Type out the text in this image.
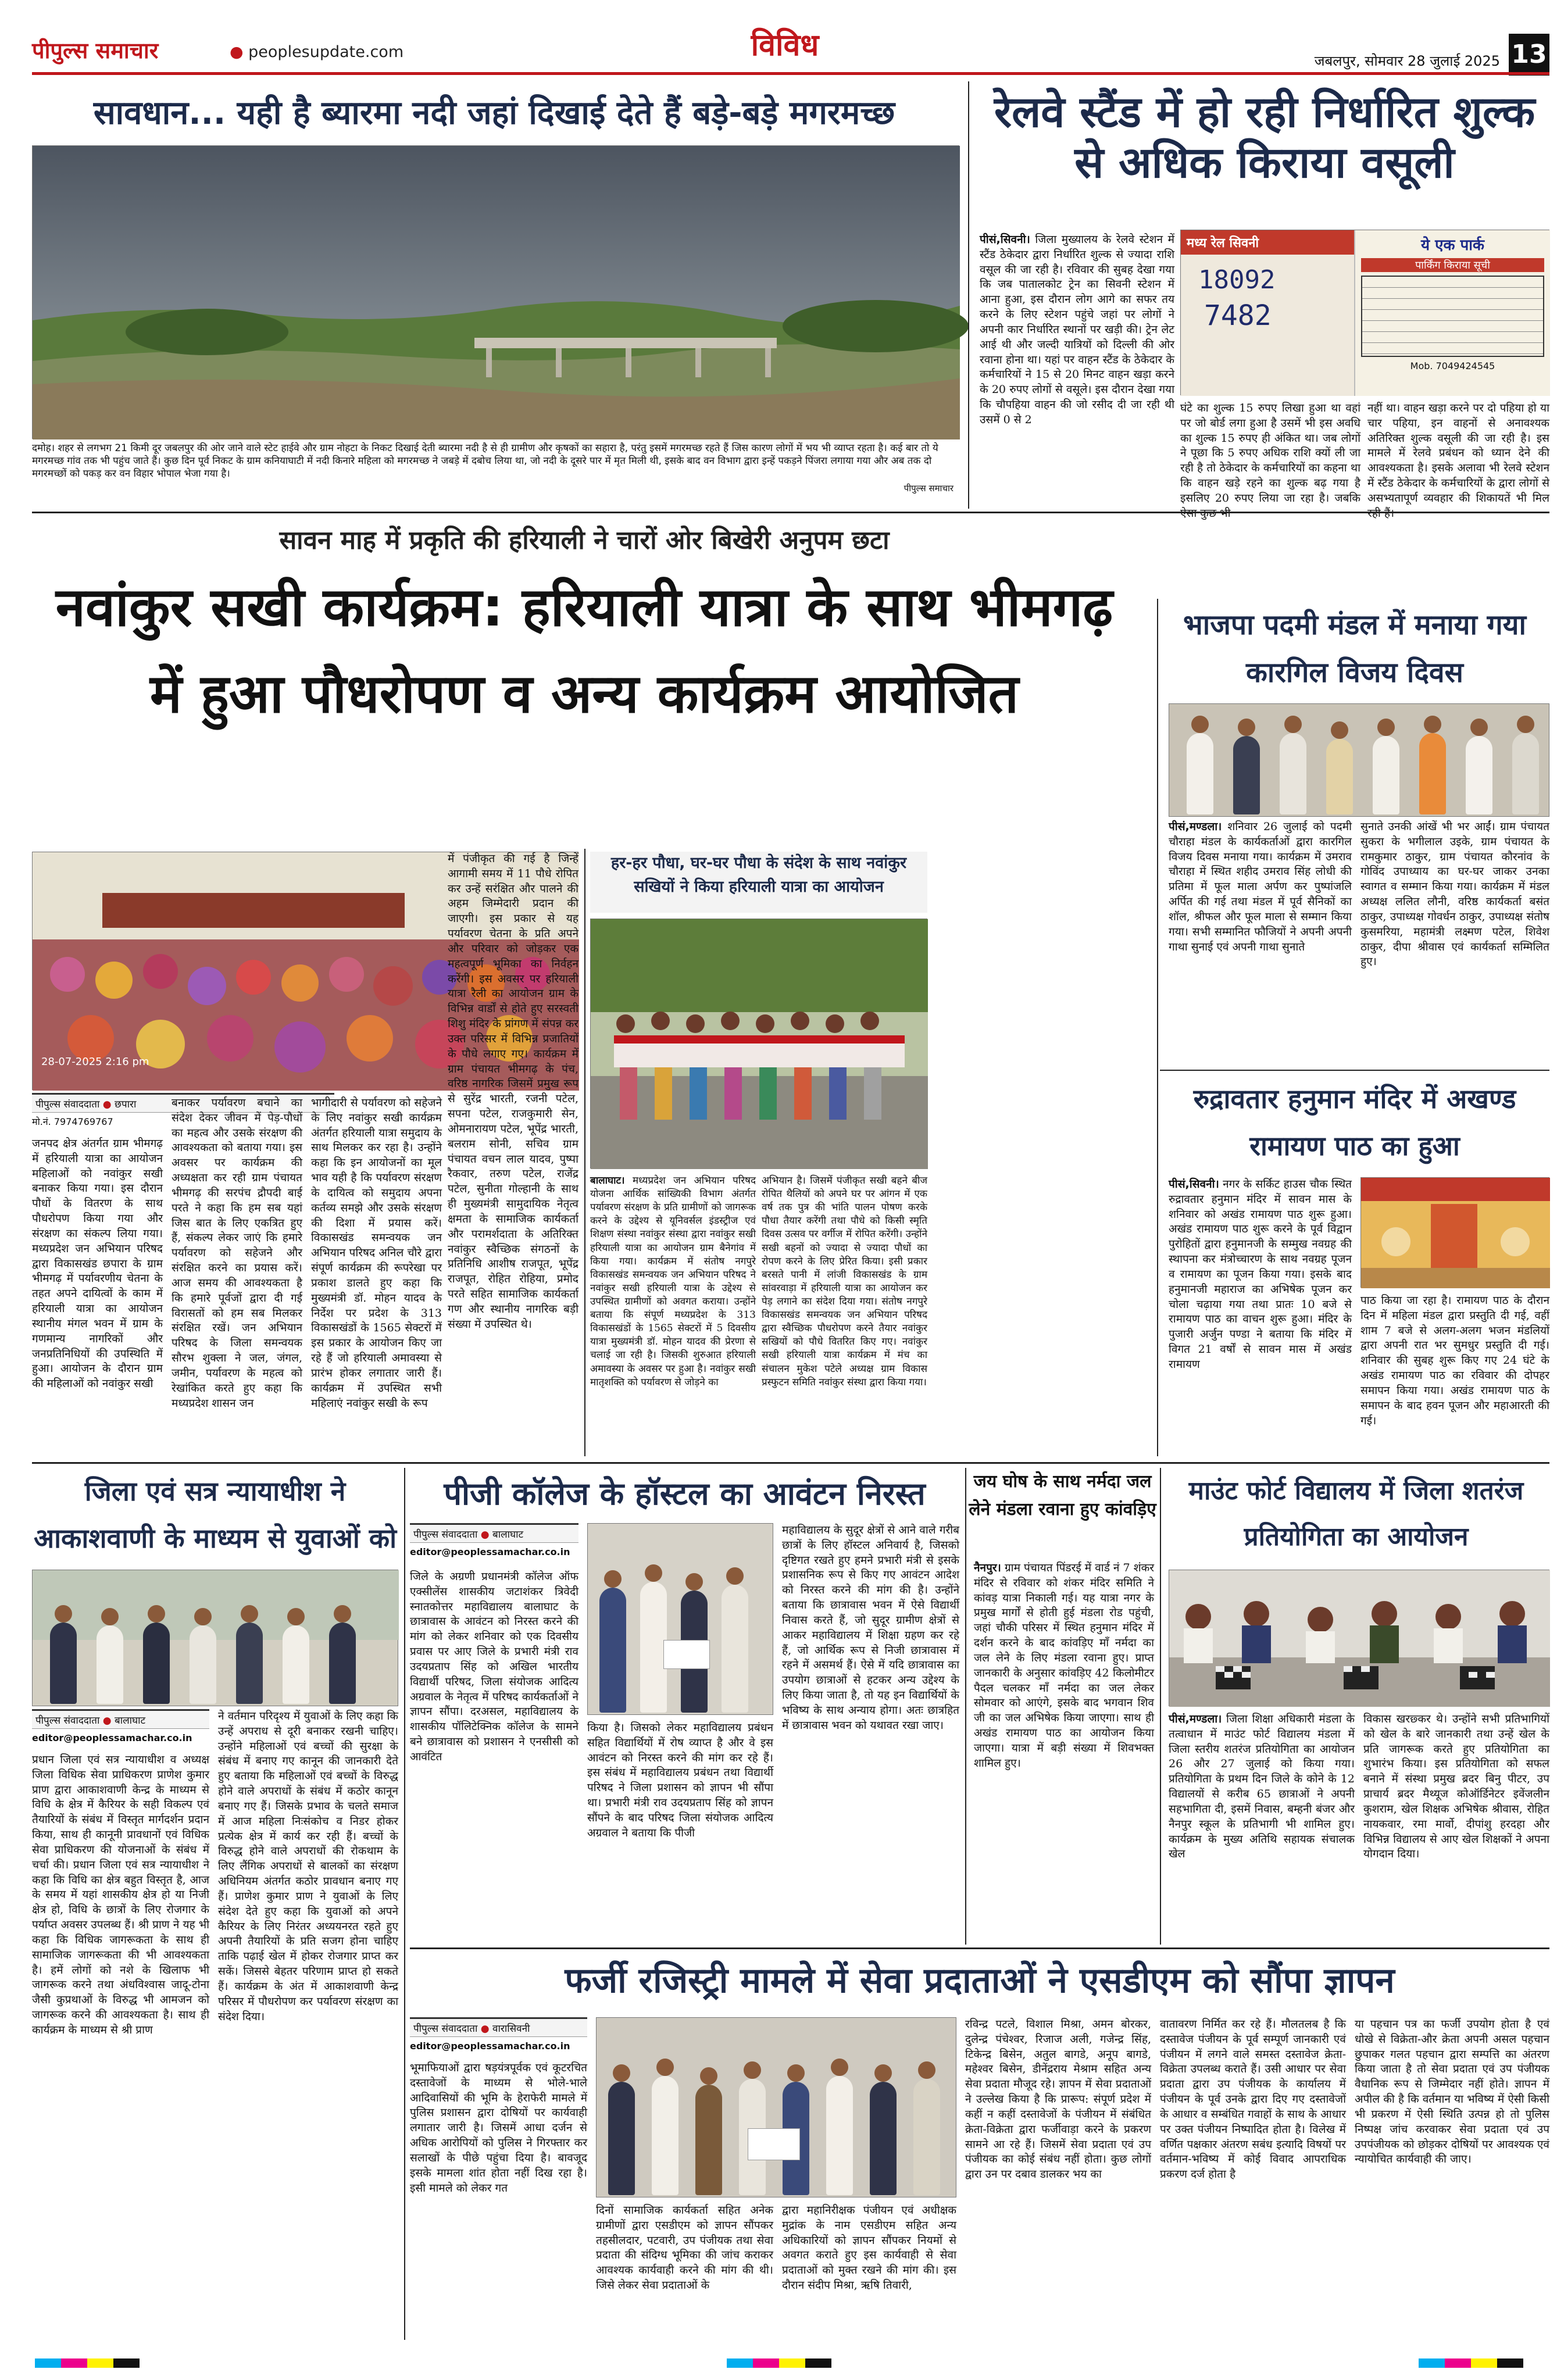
पीपुल्स समाचार	● peoplesupdate.com	विविध	जबलपुर, सोमवार 28 जुलाई 2025 13
सावधान... यही है ब्यारमा नदी जहां दिखाई देते हैं बड़े-बड़े मगरमच्छ
दमोह। शहर से लगभग 21 किमी दूर जबलपुर की ओर जाने वाले स्टेट हाईवे और ग्राम नोहटा के निकट दिखाई देती ब्यारमा नदी है से ही ग्रामीण और कृषकों का सहारा है, परंतु इसमें मगरमच्छ रहते हैं जिस कारण लोगों में भय भी व्याप्त रहता है। कई बार तो ये मगरमच्छ गांव तक भी पहुंच जाते हैं। कुछ दिन पूर्व निकट के ग्राम कनियाघाटी में नदी किनारे महिला को मगरमच्छ ने जबड़े में दबोच लिया था, जो नदी के दूसरे पार में मृत मिली थी, इसके बाद वन विभाग द्वारा इन्हें पकड़ने पिंजरा लगाया गया और अब तक दो मगरमच्छों को पकड़ कर वन विहार भोपाल भेजा गया है।
पीपुल्स समाचार
रेलवे स्टैंड में हो रही निर्धारित शुल्क से अधिक किराया वसूली
पीसं,सिवनी। जिला मुख्यालय के रेलवे स्टेशन में स्टैंड ठेकेदार द्वारा निर्धारित शुल्क से ज्यादा राशि वसूल की जा रही है। रविवार की सुबह देखा गया कि जब पातालकोट ट्रेन का सिवनी स्टेशन में आना हुआ, इस दौरान लोग आगे का सफर तय करने के लिए स्टेशन पहुंचे जहां पर लोगों ने अपनी कार निर्धारित स्थानों पर खड़ी की। ट्रेन लेट आई थी और जल्दी यात्रियों को दिल्ली की ओर रवाना होना था। यहां पर वाहन स्टैंड के ठेकेदार के कर्मचारियों ने 15 से 20 मिनट वाहन खड़ा करने के 20 रुपए लोगों से वसूले। इस दौरान देखा गया कि चौपहिया वाहन की जो रसीद दी जा रही थी उसमें 0 से 2
मध्य रेल सिवनी
18092
7482
ये एक पार्क
पार्किंग किराया सूची
Mob. 7049424545
घंटे का शुल्क 15 रुपए लिखा हुआ था वहां पर जो बोर्ड लगा हुआ है उसमें भी इस अवधि का शुल्क 15 रुपए ही अंकित था। जब लोगों ने पूछा कि 5 रुपए अधिक राशि क्यों ली जा रही है तो ठेकेदार के कर्मचारियों का कहना था कि वाहन खड़े रहने का शुल्क बढ़ गया है इसलिए 20 रुपए लिया जा रहा है। जबकि
नहीं था। वाहन खड़ा करने पर दो पहिया हो या चार पहिया, इन वाहनों से अनावश्यक अतिरिक्त शुल्क वसूली की जा रही है। इस मामले में रेलवे प्रबंधन को ध्यान देने की आवश्यकता है। इसके अलावा भी रेलवे स्टेशन में स्टैंड ठेकेदार के कर्मचारियों के द्वारा लोगों से असभ्यतापूर्ण व्यवहार की शिकायतें भी मिल
सावन माह में प्रकृति की हरियाली ने चारों ओर बिखेरी अनुपम छटा
नवांकुर सखी कार्यक्रम: हरियाली यात्रा के साथ भीमगढ़ में हुआ पौधरोपण व अन्य कार्यक्रम आयोजित
28-07-2025 2:16 pm
पीपुल्स संवाददाता ● छपारा
मो.नं. 7974769767
जनपद क्षेत्र अंतर्गत ग्राम भीमगढ़ में हरियाली यात्रा का आयोजन महिलाओं को नवांकुर सखी बनाकर किया गया। इस दौरान पौधों के वितरण के साथ पौधरोपण किया गया और संरक्षण का संकल्प लिया गया। मध्यप्रदेश जन अभियान परिषद द्वारा विकासखंड छपारा के ग्राम भीमगढ़ में पर्यावरणीय चेतना के तहत अपने दायित्वों के काम में हरियाली यात्रा का आयोजन स्थानीय मंगल भवन में ग्राम के गणमान्य नागरिकों और जनप्रतिनिधियों की उपस्थिति में हुआ। आयोजन के दौरान ग्राम की महिलाओं को नवांकुर सखी
बनाकर पर्यावरण बचाने का संदेश देकर जीवन में पेड़-पौधों का महत्व और उसके संरक्षण की आवश्यकता को बताया गया। इस अवसर पर कार्यक्रम की अध्यक्षता कर रही ग्राम पंचायत भीमगढ़ की सरपंच द्रौपदी बाई परते ने कहा कि हम सब यहां जिस बात के लिए एकत्रित हुए हैं, संकल्प लेकर जाएं कि हमारे पर्यावरण को सहेजने और संरक्षित करने का प्रयास करें। आज समय की आवश्यकता है कि हमारे पूर्वजों द्वारा दी गई विरासतों को हम सब मिलकर संरक्षित रखें। जन अभियान परिषद के जिला समन्वयक सौरभ शुक्ला ने जल, जंगल, जमीन, पर्यावरण के महत्व को रेखांकित करते हुए कहा कि मध्यप्रदेश शासन जन
भागीदारी से पर्यावरण को सहेजने के लिए नवांकुर सखी कार्यक्रम अंतर्गत हरियाली यात्रा समुदाय के साथ मिलकर कर रहा है। उन्होंने कहा कि इन आयोजनों का मूल भाव यही है कि पर्यावरण संरक्षण के दायित्व को समुदाय अपना कर्तव्य समझे और उसके संरक्षण की दिशा में प्रयास करें। विकासखंड समन्वयक जन अभियान परिषद अनिल चौरे द्वारा संपूर्ण कार्यक्रम की रूपरेखा पर प्रकाश डालते हुए कहा कि मुख्यमंत्री डॉ. मोहन यादव के निर्देश पर प्रदेश के 313 विकासखंडों के 1565 सेक्टरों में इस प्रकार के आयोजन किए जा रहे हैं जो हरियाली अमावस्या से प्रारंभ होकर लगातार जारी हैं। कार्यक्रम में उपस्थित सभी महिलाएं नवांकुर सखी के रूप
में पंजीकृत की गई है जिन्हें आगामी समय में 11 पौधे रोपित कर उन्हें सरंक्षित और पालने की अहम जिम्मेदारी प्रदान की जाएगी। इस प्रकार से यह पर्यावरण चेतना के प्रति अपने और परिवार को जोड़कर एक महत्वपूर्ण भूमिका का निर्वहन करेंगी। इस अवसर पर हरियाली यात्रा रैली का आयोजन ग्राम के विभिन्न वार्डों से होते हुए सरस्वती शिशु मंदिर के प्रांगण में संपन्न कर उक्त परिसर में विभिन्न प्रजातियों के पौधे लगाए गए। कार्यक्रम में ग्राम पंचायत भीमगढ़ के पंच, वरिष्ठ नागरिक जिसमें प्रमुख रूप से सुरेंद्र भारती, रजनी पटेल, सपना पटेल, राजकुमारी सेन, ओमनारायण पटेल, भूपेंद्र भारती, बलराम सोनी, सचिव ग्राम पंचायत वचन लाल यादव, पुष्पा रैकवार, तरुण पटेल, राजेंद्र पटेल, सुनीता गोल्हानी के साथ ही मुख्यमंत्री सामुदायिक नेतृत्व क्षमता के सामाजिक कार्यकर्ता और परामर्शदाता के अतिरिक्त नवांकुर स्वैच्छिक संगठनों के प्रतिनिधि आशीष राजपूत, भूपेंद्र राजपूत, रोहित रोहिया, प्रमोद परते सहित सामाजिक कार्यकर्ता गण और स्थानीय नागरिक बड़ी संख्या में उपस्थित थे।
हर-हर पौधा, घर-घर पौधा के संदेश के साथ नवांकुर सखियों ने किया हरियाली यात्रा का आयोजन
बालाघाट। मध्यप्रदेश जन अभियान परिषद योजना आर्थिक सांख्यिकी विभाग अंतर्गत पर्यावरण संरक्षण के प्रति ग्रामीणों को जागरूक करने के उद्देश्य से यूनिवर्सल इंडस्ट्रीज एवं शिक्षण संस्था नवांकुर संस्था द्वारा नवांकुर सखी हरियाली यात्रा का आयोजन ग्राम बैनेगांव में किया गया। कार्यक्रम में संतोष नगपुरे विकासखंड समन्वयक जन अभियान परिषद ने नवांकुर सखी हरियाली यात्रा के उद्देश्य से उपस्थित ग्रामीणों को अवगत कराया। उन्होंने बताया कि संपूर्ण मध्यप्रदेश के 313 विकासखंडों के 1565 सेक्टरों में 5 दिवसीय यात्रा मुख्यमंत्री डॉ. मोहन यादव की प्रेरणा से चलाई जा रही है। जिसकी शुरुआत हरियाली अमावस्या के अवसर पर हुआ है। नवांकुर सखी मातृशक्ति को पर्यावरण से जोड़ने का
अभियान है। जिसमें पंजीकृत सखी बहने बीज रोपित थैलियों को अपने घर पर आंगन में एक वर्ष तक पुत्र की भांति पालन पोषण करके पौधा तैयार करेंगी तथा पौधे को किसी स्मृति दिवस उत्सव पर वर्गीज में रोपित करेंगी। उन्होंने सखी बहनों को ज्यादा से ज्यादा पौधों का रोपण करने के लिए प्रेरित किया। इसी प्रकार बरसते पानी में लांजी विकासखंड के ग्राम सांवरवाड़ा में हरियाली यात्रा का आयोजन कर पेड़ लगाने का संदेश दिया गया। संतोष नगपुरे विकासखंड समन्वयक जन अभियान परिषद द्वारा स्वैच्छिक पौधरोपण करने तैयार नवांकुर सखियों को पौधे वितरित किए गए। नवांकुर सखी हरियाली यात्रा कार्यक्रम में मंच का संचालन मुकेश पटेले अध्यक्ष ग्राम विकास प्रस्फुटन समिति नवांकुर संस्था द्वारा किया गया।
भाजपा पदमी मंडल में मनाया गया कारगिल विजय दिवस
पीसं,मण्डला। शनिवार 26 जुलाई को पदमी चौराहा मंडल के कार्यकर्ताओं द्वारा कारगिल विजय दिवस मनाया गया। कार्यक्रम में उमराव चौराहा में स्थित शहीद उमराव सिंह लोधी की प्रतिमा में फूल माला अर्पण कर पुष्पांजलि अर्पित की गई तथा मंडल में पूर्व सैनिकों का शॉल, श्रीफल और फूल माला से सम्मान किया गया। सभी सम्मानित फौजियों ने अपनी अपनी गाथा सुनाई एवं अपनी गाथा सुनाते
सुनाते उनकी आंखें भी भर आईं। ग्राम पंचायत सुकरा के भगीलाल उइके, ग्राम पंचायत के रामकुमार ठाकुर, ग्राम पंचायत कौरनांव के गोविंद उपाध्याय का घर-घर जाकर उनका स्वागत व सम्मान किया गया। कार्यक्रम में मंडल अध्यक्ष ललित लौनी, वरिष्ठ कार्यकर्ता बसंत ठाकुर, उपाध्यक्ष गोवर्धन ठाकुर, उपाध्यक्ष संतोष कुसमरिया, महामंत्री लक्ष्मण पटेल, शिवेश ठाकुर, दीपा श्रीवास एवं कार्यकर्ता सम्मिलित हुए।
रुद्रावतार हनुमान मंदिर में अखण्ड रामायण पाठ का हुआ
पीसं,सिवनी। नगर के सर्किट हाउस चौक स्थित रुद्रावतार हनुमान मंदिर में सावन मास के शनिवार को अखंड रामायण पाठ शुरू हुआ। अखंड रामायण पाठ शुरू करने के पूर्व विद्वान पुरोहितों द्वारा हनुमानजी के सम्मुख नवग्रह की स्थापना कर मंत्रोच्चारण के साथ नवग्रह पूजन व रामायण का पूजन किया गया। इसके बाद हनुमानजी महाराज का अभिषेक पूजन कर चोला चढ़ाया गया तथा प्रातः 10 बजे से रामायण पाठ का वाचन शुरू हुआ। मंदिर के पुजारी अर्जुन पण्डा ने बताया कि मंदिर में विगत 21 वर्षों से सावन मास में अखंड रामायण
पाठ किया जा रहा है। रामायण पाठ के दौरान दिन में महिला मंडल द्वारा प्रस्तुति दी गई, वहीं शाम 7 बजे से अलग-अलग भजन मंडलियों द्वारा अपनी रात भर सुमधुर प्रस्तुति दी गई। शनिवार की सुबह शुरू किए गए 24 घंटे के अखंड रामायण पाठ का रविवार की दोपहर समापन किया गया। अखंड रामायण पाठ के समापन के बाद हवन पूजन और महाआरती की गई।
जिला एवं सत्र न्यायाधीश ने आकाशवाणी के माध्यम से युवाओं को
पीपुल्स संवाददाता ● बालाघाट
editor@peoplessamachar.co.in
प्रधान जिला एवं सत्र न्यायाधीश व अध्यक्ष जिला विधिक सेवा प्राधिकरण प्राणेश कुमार प्राण द्वारा आकाशवाणी केन्द्र के माध्यम से विधि के क्षेत्र में कैरियर के सही विकल्प एवं तैयारियों के संबंध में विस्तृत मार्गदर्शन प्रदान किया, साथ ही कानूनी प्रावधानों एवं विधिक सेवा प्राधिकरण की योजनाओं के संबंध में चर्चा की। प्रधान जिला एवं सत्र न्यायाधीश ने कहा कि विधि का क्षेत्र बहुत विस्तृत है, आज के समय में यहां शासकीय क्षेत्र हो या निजी क्षेत्र हो, विधि के छात्रों के लिए रोजगार के पर्याप्त अवसर उपलब्ध हैं। श्री प्राण ने यह भी कहा कि विधिक जागरूकता के साथ ही सामाजिक जागरूकता की भी आवश्यकता है। हमें लोगों को नशे के खिलाफ भी जागरूक करने तथा अंधविश्वास जादू-टोना जैसी कुप्रथाओं के विरुद्ध भी आमजन को जागरूक करने की आवश्यकता है। साथ ही कार्यक्रम के माध्यम से श्री प्राण
ने वर्तमान परिदृश्य में युवाओं के लिए कहा कि उन्हें अपराध से दूरी बनाकर रखनी चाहिए। उन्होंने महिलाओं एवं बच्चों की सुरक्षा के संबंध में बनाए गए कानून की जानकारी देते हुए बताया कि महिलाओं एवं बच्चों के विरुद्ध होने वाले अपराधों के संबंध में कठोर कानून बनाए गए हैं। जिसके प्रभाव के चलते समाज में आज महिला निःसंकोच व निडर होकर प्रत्येक क्षेत्र में कार्य कर रही हैं। बच्चों के विरुद्ध होने वाले अपराधों की रोकथाम के लिए लैंगिक अपराधों से बालकों का संरक्षण अधिनियम अंतर्गत कठोर प्रावधान बनाए गए हैं। प्राणेश कुमार प्राण ने युवाओं के लिए संदेश देते हुए कहा कि युवाओं को अपने कैरियर के लिए निरंतर अध्ययनरत रहते हुए अपनी तैयारियों के प्रति सजग होना चाहिए ताकि पढ़ाई खेल में होकर रोजगार प्राप्त कर सकें। जिससे बेहतर परिणाम प्राप्त हो सकते हैं। कार्यक्रम के अंत में आकाशवाणी केन्द्र परिसर में पौधरोपण कर पर्यावरण संरक्षण का संदेश दिया।
पीजी कॉलेज के हॉस्टल का आवंटन निरस्त
पीपुल्स संवाददाता ● बालाघाट
editor@peoplessamachar.co.in
जिले के अग्रणी प्रधानमंत्री कॉलेज ऑफ एक्सीलेंस शासकीय जटाशंकर त्रिवेदी स्नातकोत्तर महाविद्यालय बालाघाट के छात्रावास के आवंटन को निरस्त करने की मांग को लेकर शनिवार को एक दिवसीय प्रवास पर आए जिले के प्रभारी मंत्री राव उदयप्रताप सिंह को अखिल भारतीय विद्यार्थी परिषद, जिला संयोजक आदित्य अग्रवाल के नेतृत्व में परिषद कार्यकर्ताओं ने ज्ञापन सौंपा। दरअसल, महाविद्यालय के शासकीय पॉलिटेक्निक कॉलेज के सामने बने छात्रावास को प्रशासन ने एनसीसी को आवंटित
किया है। जिसको लेकर महाविद्यालय प्रबंधन सहित विद्यार्थियों में रोष व्याप्त है और वे इस आवंटन को निरस्त करने की मांग कर रहे हैं। इस संबंध में महाविद्यालय प्रबंधन तथा विद्यार्थी परिषद ने जिला प्रशासन को ज्ञापन भी सौंपा था। प्रभारी मंत्री राव उदयप्रताप सिंह को ज्ञापन सौंपने के बाद परिषद जिला संयोजक आदित्य अग्रवाल ने बताया कि पीजी
महाविद्यालय के सुदूर क्षेत्रों से आने वाले गरीब छात्रों के लिए हॉस्टल अनिवार्य है, जिसको दृष्टिगत रखते हुए हमने प्रभारी मंत्री से इसके प्रशासनिक रूप से किए गए आवंटन आदेश को निरस्त करने की मांग की है। उन्होंने बताया कि छात्रावास भवन में ऐसे विद्यार्थी निवास करते हैं, जो सुदूर ग्रामीण क्षेत्रों से आकर महाविद्यालय में शिक्षा ग्रहण कर रहे हैं, जो आर्थिक रूप से निजी छात्रावास में रहने में असमर्थ हैं। ऐसे में यदि छात्रावास का उपयोग छात्राओं से हटकर अन्य उद्देश्य के लिए किया जाता है, तो यह इन विद्यार्थियों के भविष्य के साथ अन्याय होगा। अतः छात्रहित में छात्रावास भवन को यथावत रखा जाए।
जय घोष के साथ नर्मदा जल लेने मंडला रवाना हुए कांवड़िए
नैनपुर। ग्राम पंचायत पिंडरई में वार्ड नं 7 शंकर मंदिर से रविवार को शंकर मंदिर समिति ने कांवड़ यात्रा निकाली गई। यह यात्रा नगर के प्रमुख मार्गों से होती हुई मंडला रोड पहुंची, जहां चौकी परिसर में स्थित हनुमान मंदिर में दर्शन करने के बाद कांवड़िए माँ नर्मदा का जल लेने के लिए मंडला रवाना हुए। प्राप्त जानकारी के अनुसार कांवड़िए 42 किलोमीटर पैदल चलकर माँ नर्मदा का जल लेकर सोमवार को आएंगे, इसके बाद भगवान शिव जी का जल अभिषेक किया जाएगा। साथ ही अखंड रामायण पाठ का आयोजन किया जाएगा। यात्रा में बड़ी संख्या में शिवभक्त शामिल हुए।
माउंट फोर्ट विद्यालय में जिला शतरंज प्रतियोगिता का आयोजन
पीसं,मण्डला। जिला शिक्षा अधिकारी मंडला के तत्वाधान में माउंट फोर्ट विद्यालय मंडला में जिला स्तरीय शतरंज प्रतियोगिता का आयोजन 26 और 27 जुलाई को किया गया। प्रतियोगिता के प्रथम दिन जिले के कोने के 12 विद्यालयों से करीब 65 छात्राओं ने अपनी सहभागिता दी, इसमें निवास, बम्हनी बंजर और नैनपुर स्कूल के प्रतिभागी भी शामिल हुए। कार्यक्रम के मुख्य अतिथि सहायक संचालक खेल
विकास खरछ्कर थे। उन्होंने सभी प्रतिभागियों को खेल के बारे जानकारी तथा उन्हें खेल के प्रति जागरूक करते हुए प्रतियोगिता का शुभारंभ किया। इस प्रतियोगिता को सफल बनाने में संस्था प्रमुख ब्रदर बिनु पीटर, उप प्राचार्य ब्रदर मैथ्यूज कोऑर्डिनेटर इवेंजलीन कुशराम, खेल शिक्षक अभिषेक श्रीवास, रोहित नायकवार, रमा मार्वो, दीपांशु हरदहा और विभिन्न विद्यालय से आए खेल शिक्षकों ने अपना योगदान दिया।
फर्जी रजिस्ट्री मामले में सेवा प्रदाताओं ने एसडीएम को सौंपा ज्ञापन
पीपुल्स संवाददाता ● वारासिवनी
editor@peoplessamachar.co.in
भूमाफियाओं द्वारा षड़यंत्रपूर्वक एवं कूटरचित दस्तावेजों के माध्यम से भोले-भाले आदिवासियों की भूमि के हेराफेरी मामले में पुलिस प्रशासन द्वारा दोषियों पर कार्यवाही लगातार जारी है। जिसमें आधा दर्जन से अधिक आरोपियों को पुलिस ने गिरफ्तार कर सलाखों के पीछे पहुंचा दिया है। बावजूद इसके मामला शांत होता नहीं दिख रहा है। इसी मामले को लेकर गत
दिनों सामाजिक कार्यकर्ता सहित अनेक ग्रामीणों द्वारा एसडीएम को ज्ञापन सौंपकर तहसीलदार, पटवारी, उप पंजीयक तथा सेवा प्रदाता की संदिग्ध भूमिका की जांच कराकर आवश्यक कार्यवाही करने की मांग की थी। जिसे लेकर सेवा प्रदाताओं के
द्वारा महानिरीक्षक पंजीयन एवं अधीक्षक मुद्रांक के नाम एसडीएम सहित अन्य अधिकारियों को ज्ञापन सौंपकर नियमों से अवगत कराते हुए इस कार्यवाही से सेवा प्रदाताओं को मुक्त रखने की मांग की। इस दौरान संदीप मिश्रा, ऋषि तिवारी,
रविन्द्र पटले, विशाल मिश्रा, अमन बोरकर, दुलेन्द्र पंचेश्वर, रिजाज अली, गजेन्द्र सिंह, टिकेन्द्र बिसेन, अतुल बागडे, अनूप बागडे, महेश्वर बिसेन, डीनेंद्रराय मेश्राम सहित अन्य सेवा प्रदाता मौजूद रहे। ज्ञापन में सेवा प्रदाताओं ने उल्लेख किया है कि प्रारूप: संपूर्ण प्रदेश में कहीं न कहीं दस्तावेजों के पंजीयन में संबंधित क्रेता-विक्रेता द्वारा फर्जीवाड़ा करने के प्रकरण सामने आ रहे हैं। जिसमें सेवा प्रदाता एवं उप पंजीयक का कोई संबंध नहीं होता। कुछ लोगों द्वारा उन पर दबाव डालकर भय का
वातावरण निर्मित कर रहे हैं। मौलतलब है कि दस्तावेज पंजीयन के पूर्व सम्पूर्ण जानकारी एवं पंजीयन में लगने वाले समस्त दस्तावेज क्रेता-विक्रेता उपलब्ध कराते हैं। उसी आधार पर सेवा प्रदाता द्वारा उप पंजीयक के कार्यालय में पंजीयन के पूर्व उनके द्वारा दिए गए दस्तावेजों के आधार व सम्बंधित गवाहों के साथ के आधार पर उक्त पंजीयन निष्पादित होता है। विलेख में वर्णित पक्षकार अंतरण सबंध इत्यादि विषयों पर वर्तमान-भविष्य में कोई विवाद आपराधिक प्रकरण दर्ज होता है
या पहचान पत्र का फर्जी उपयोग होता है एवं धोखे से विक्रेता-और क्रेता अपनी असल पहचान छुपाकर गलत पहचान द्वारा सम्पत्ति का अंतरण किया जाता है तो सेवा प्रदाता एवं उप पंजीयक वैधानिक रूप से जिम्मेदार नहीं होते। ज्ञापन में अपील की है कि वर्तमान या भविष्य में ऐसी किसी भी प्रकरण में ऐसी स्थिति उत्पन्न हो तो पुलिस निष्पक्ष जांच करवाकर सेवा प्रदाता एवं उप उपपंजीयक को छोड़कर दोषियों पर आवश्यक एवं न्यायोचित कार्यवाही की जाए।
